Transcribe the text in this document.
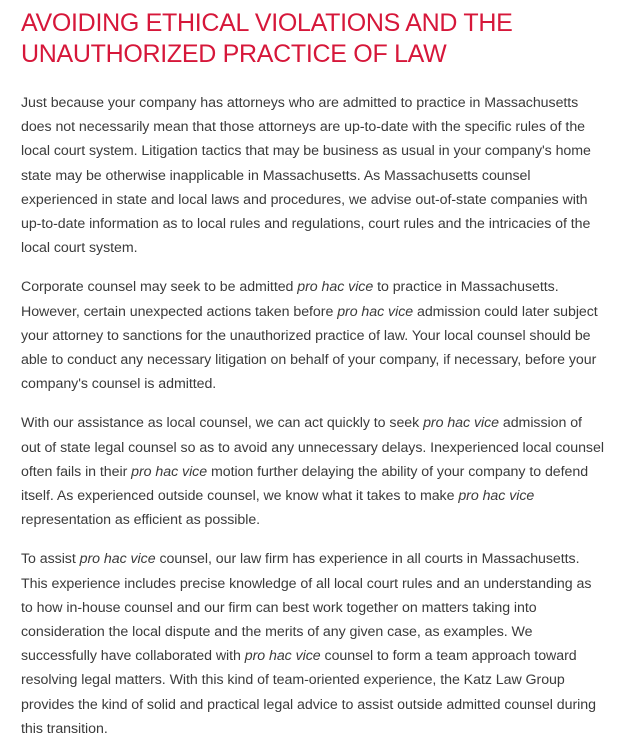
AVOIDING ETHICAL VIOLATIONS AND THE UNAUTHORIZED PRACTICE OF LAW

Just because your company has attorneys who are admitted to practice in Massachusetts does not necessarily mean that those attorneys are up-to-date with the specific rules of the local court system. Litigation tactics that may be business as usual in your company's home state may be otherwise inapplicable in Massachusetts. As Massachusetts counsel experienced in state and local laws and procedures, we advise out-of-state companies with up-to-date information as to local rules and regulations, court rules and the intricacies of the local court system.

Corporate counsel may seek to be admitted pro hac vice to practice in Massachusetts. However, certain unexpected actions taken before pro hac vice admission could later subject your attorney to sanctions for the unauthorized practice of law. Your local counsel should be able to conduct any necessary litigation on behalf of your company, if necessary, before your company's counsel is admitted.

With our assistance as local counsel, we can act quickly to seek pro hac vice admission of out of state legal counsel so as to avoid any unnecessary delays. Inexperienced local counsel often fails in their pro hac vice motion further delaying the ability of your company to defend itself. As experienced outside counsel, we know what it takes to make pro hac vice representation as efficient as possible.

To assist pro hac vice counsel, our law firm has experience in all courts in Massachusetts. This experience includes precise knowledge of all local court rules and an understanding as to how in-house counsel and our firm can best work together on matters taking into consideration the local dispute and the merits of any given case, as examples. We successfully have collaborated with pro hac vice counsel to form a team approach toward resolving legal matters. With this kind of team-oriented experience, the Katz Law Group provides the kind of solid and practical legal advice to assist outside admitted counsel during this transition.
